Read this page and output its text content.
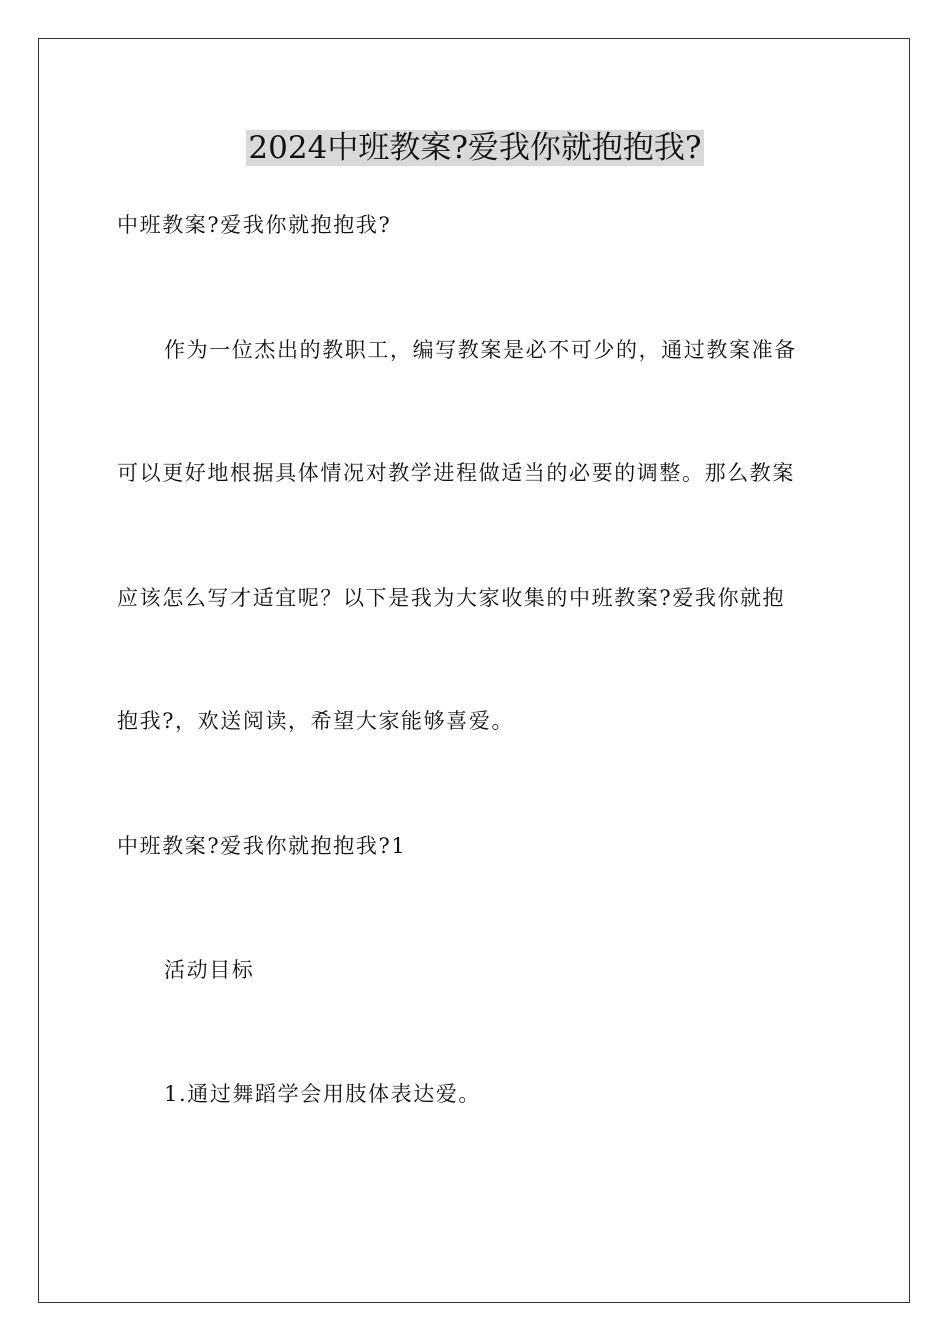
2024中班教案?爱我你就抱抱我?
中班教案?爱我你就抱抱我?
作为一位杰出的教职工，编写教案是必不可少的，通过教案准备
可以更好地根据具体情况对教学进程做适当的必要的调整。那么教案
应该怎么写才适宜呢？以下是我为大家收集的中班教案?爱我你就抱
抱我?，欢送阅读，希望大家能够喜爱。
中班教案?爱我你就抱抱我?1
活动目标
1.通过舞蹈学会用肢体表达爱。
